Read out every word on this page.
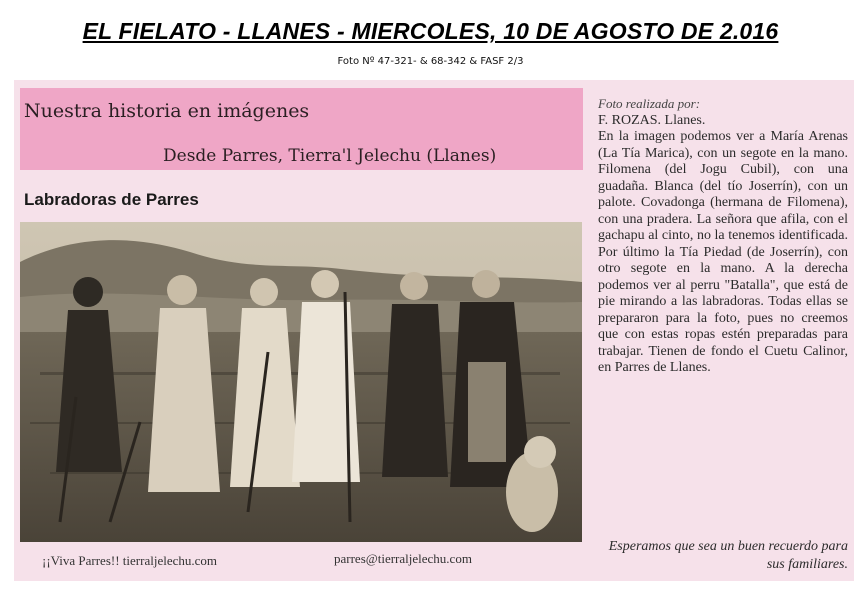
EL FIELATO - LLANES - MIERCOLES, 10 DE AGOSTO DE 2.016
Foto Nº 47-321- & 68-342 & FASF 2/3
Nuestra historia en imágenes
Desde Parres, Tierra'l Jelechu (Llanes)
Labradoras de Parres
Foto realizada por:
F. ROZAS. Llanes.
En la imagen podemos ver a María Arenas (La Tía Marica), con un segote en la mano. Filomena (del Jogu Cubil), con una guadaña. Blanca (del tío Joserrín), con un palote. Covadonga (hermana de Filomena), con una pradera. La señora que afila, con el gachapu al cinto, no la tenemos identificada. Por último la Tía Piedad (de Joserrín), con otro segote en la mano. A la derecha podemos ver al perru "Batalla", que está de pie mirando a las labradoras. Todas ellas se prepararon para la foto, pues no creemos que con estas ropas estén preparadas para trabajar. Tienen de fondo el Cuetu Calinor, en Parres de Llanes.
Esperamos que sea un buen recuerdo para sus familiares.
¡¡Viva Parres!! tierraljelechu.com	parres@tierraljelechu.com
